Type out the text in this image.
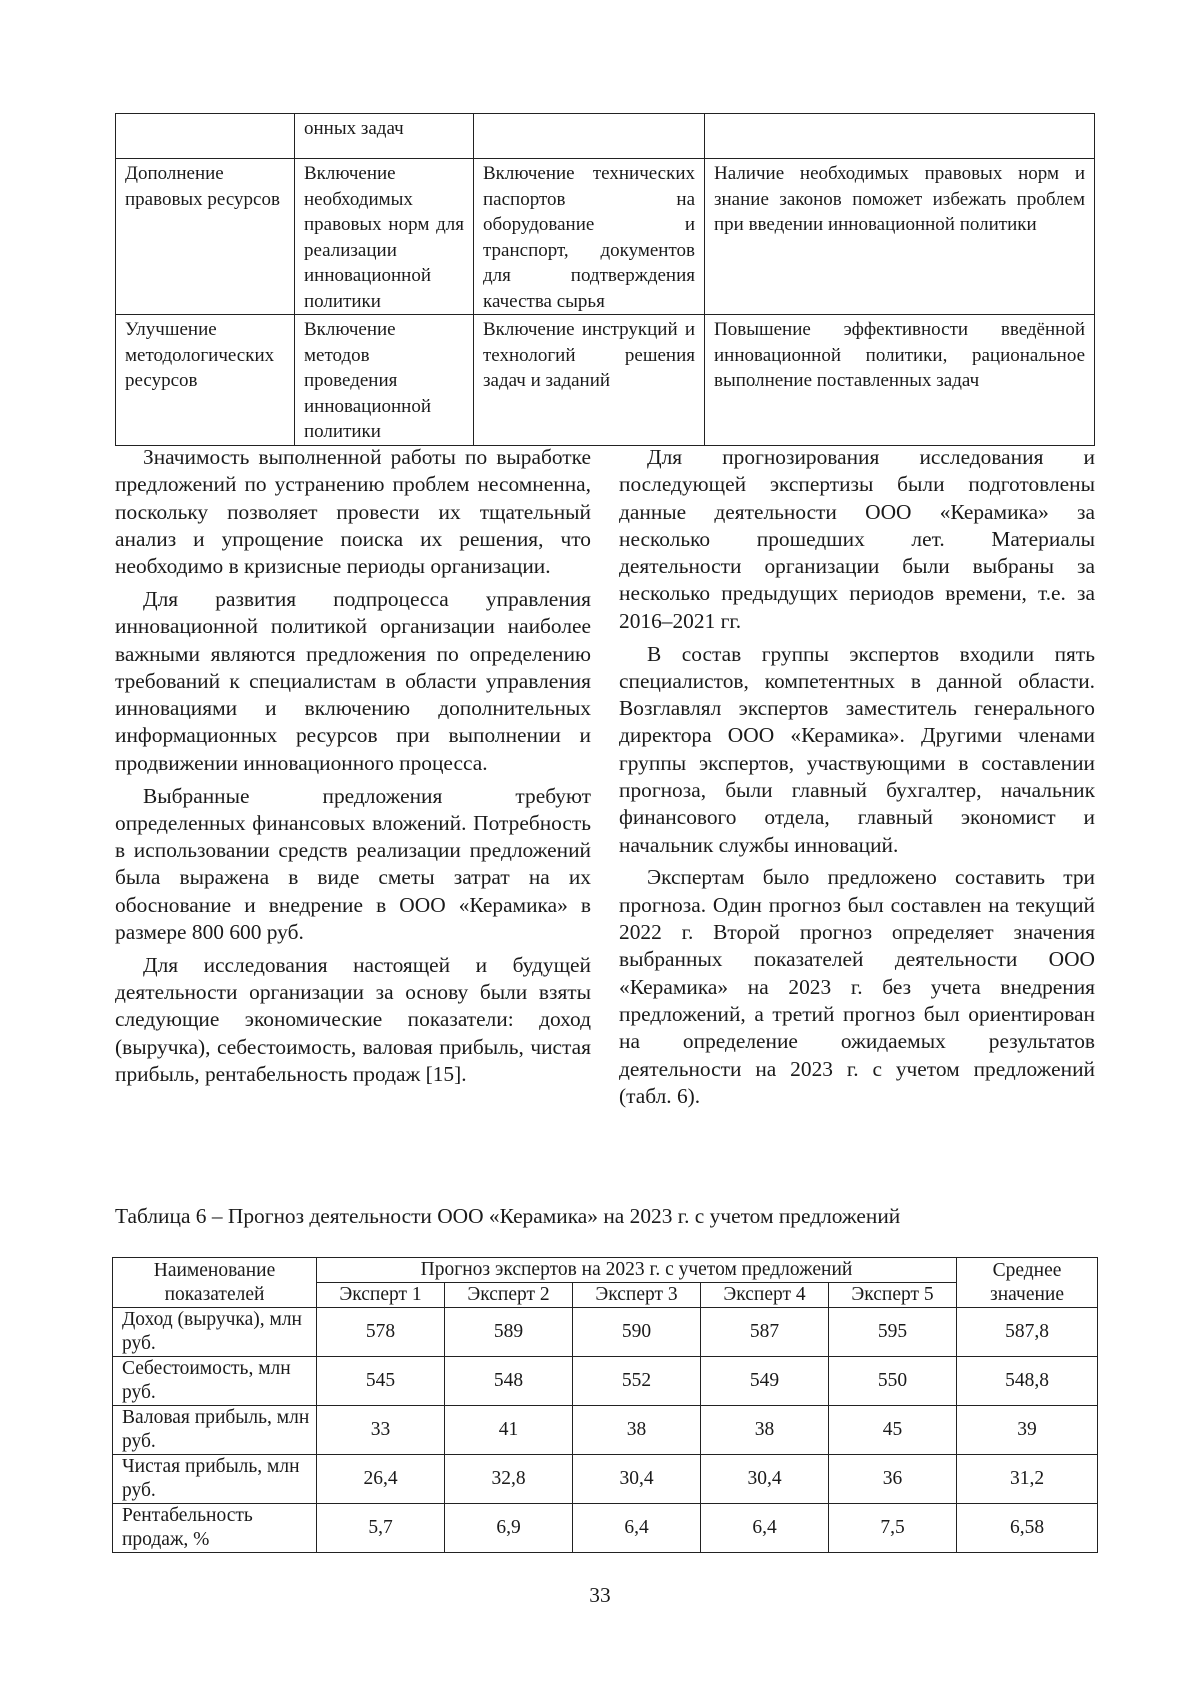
	онных задач		
Дополнение правовых ресурсов	Включение необходимых правовых норм для реализации инновационной политики	Включение технических паспортов на оборудование и транспорт, документов для подтверждения качества сырья	Наличие необходимых правовых норм и знание законов поможет избежать проблем при введении инновационной политики
Улучшение методологических ресурсов	Включение методов проведения инновационной политики	Включение инструкций и технологий решения задач и заданий	Повышение эффективности введённой инновационной политики, рациональное выполнение поставленных задач

Значимость выполненной работы по выработке предложений по устранению проблем несомненна, поскольку позволяет провести их тщательный анализ и упрощение поиска их решения, что необходимо в кризисные периоды организации.

Для развития подпроцесса управления инновационной политикой организации наиболее важными являются предложения по определению требований к специалистам в области управления инновациями и включению дополнительных информационных ресурсов при выполнении и продвижении инновационного процесса.

Выбранные предложения требуют определенных финансовых вложений. Потребность в использовании средств реализации предложений была выражена в виде сметы затрат на их обоснование и внедрение в ООО «Керамика» в размере 800 600 руб.

Для исследования настоящей и будущей деятельности организации за основу были взяты следующие экономические показатели: доход (выручка), себестоимость, валовая прибыль, чистая прибыль, рентабельность продаж [15].

Для прогнозирования исследования и последующей экспертизы были подготовлены данные деятельности ООО «Керамика» за несколько прошедших лет. Материалы деятельности организации были выбраны за несколько предыдущих периодов времени, т.е. за 2016–2021 гг.

В состав группы экспертов входили пять специалистов, компетентных в данной области. Возглавлял экспертов заместитель генерального директора ООО «Керамика». Другими членами группы экспертов, участвующими в составлении прогноза, были главный бухгалтер, начальник финансового отдела, главный экономист и начальник службы инноваций.

Экспертам было предложено составить три прогноза. Один прогноз был составлен на текущий 2022 г. Второй прогноз определяет значения выбранных показателей деятельности ООО «Керамика» на 2023 г. без учета внедрения предложений, а третий прогноз был ориентирован на определение ожидаемых результатов деятельности на 2023 г. с учетом предложений (табл. 6).

Таблица 6 – Прогноз деятельности ООО «Керамика» на 2023 г. с учетом предложений
Наименование показателей	Прогноз экспертов на 2023 г. с учетом предложений					Среднее значение
	Эксперт 1	Эксперт 2	Эксперт 3	Эксперт 4	Эксперт 5	
Доход (выручка), млн руб.	578	589	590	587	595	587,8
Себестоимость, млн руб.	545	548	552	549	550	548,8
Валовая прибыль, млн руб.	33	41	38	38	45	39
Чистая прибыль, млн руб.	26,4	32,8	30,4	30,4	36	31,2
Рентабельность продаж, %	5,7	6,9	6,4	6,4	7,5	6,58
33
